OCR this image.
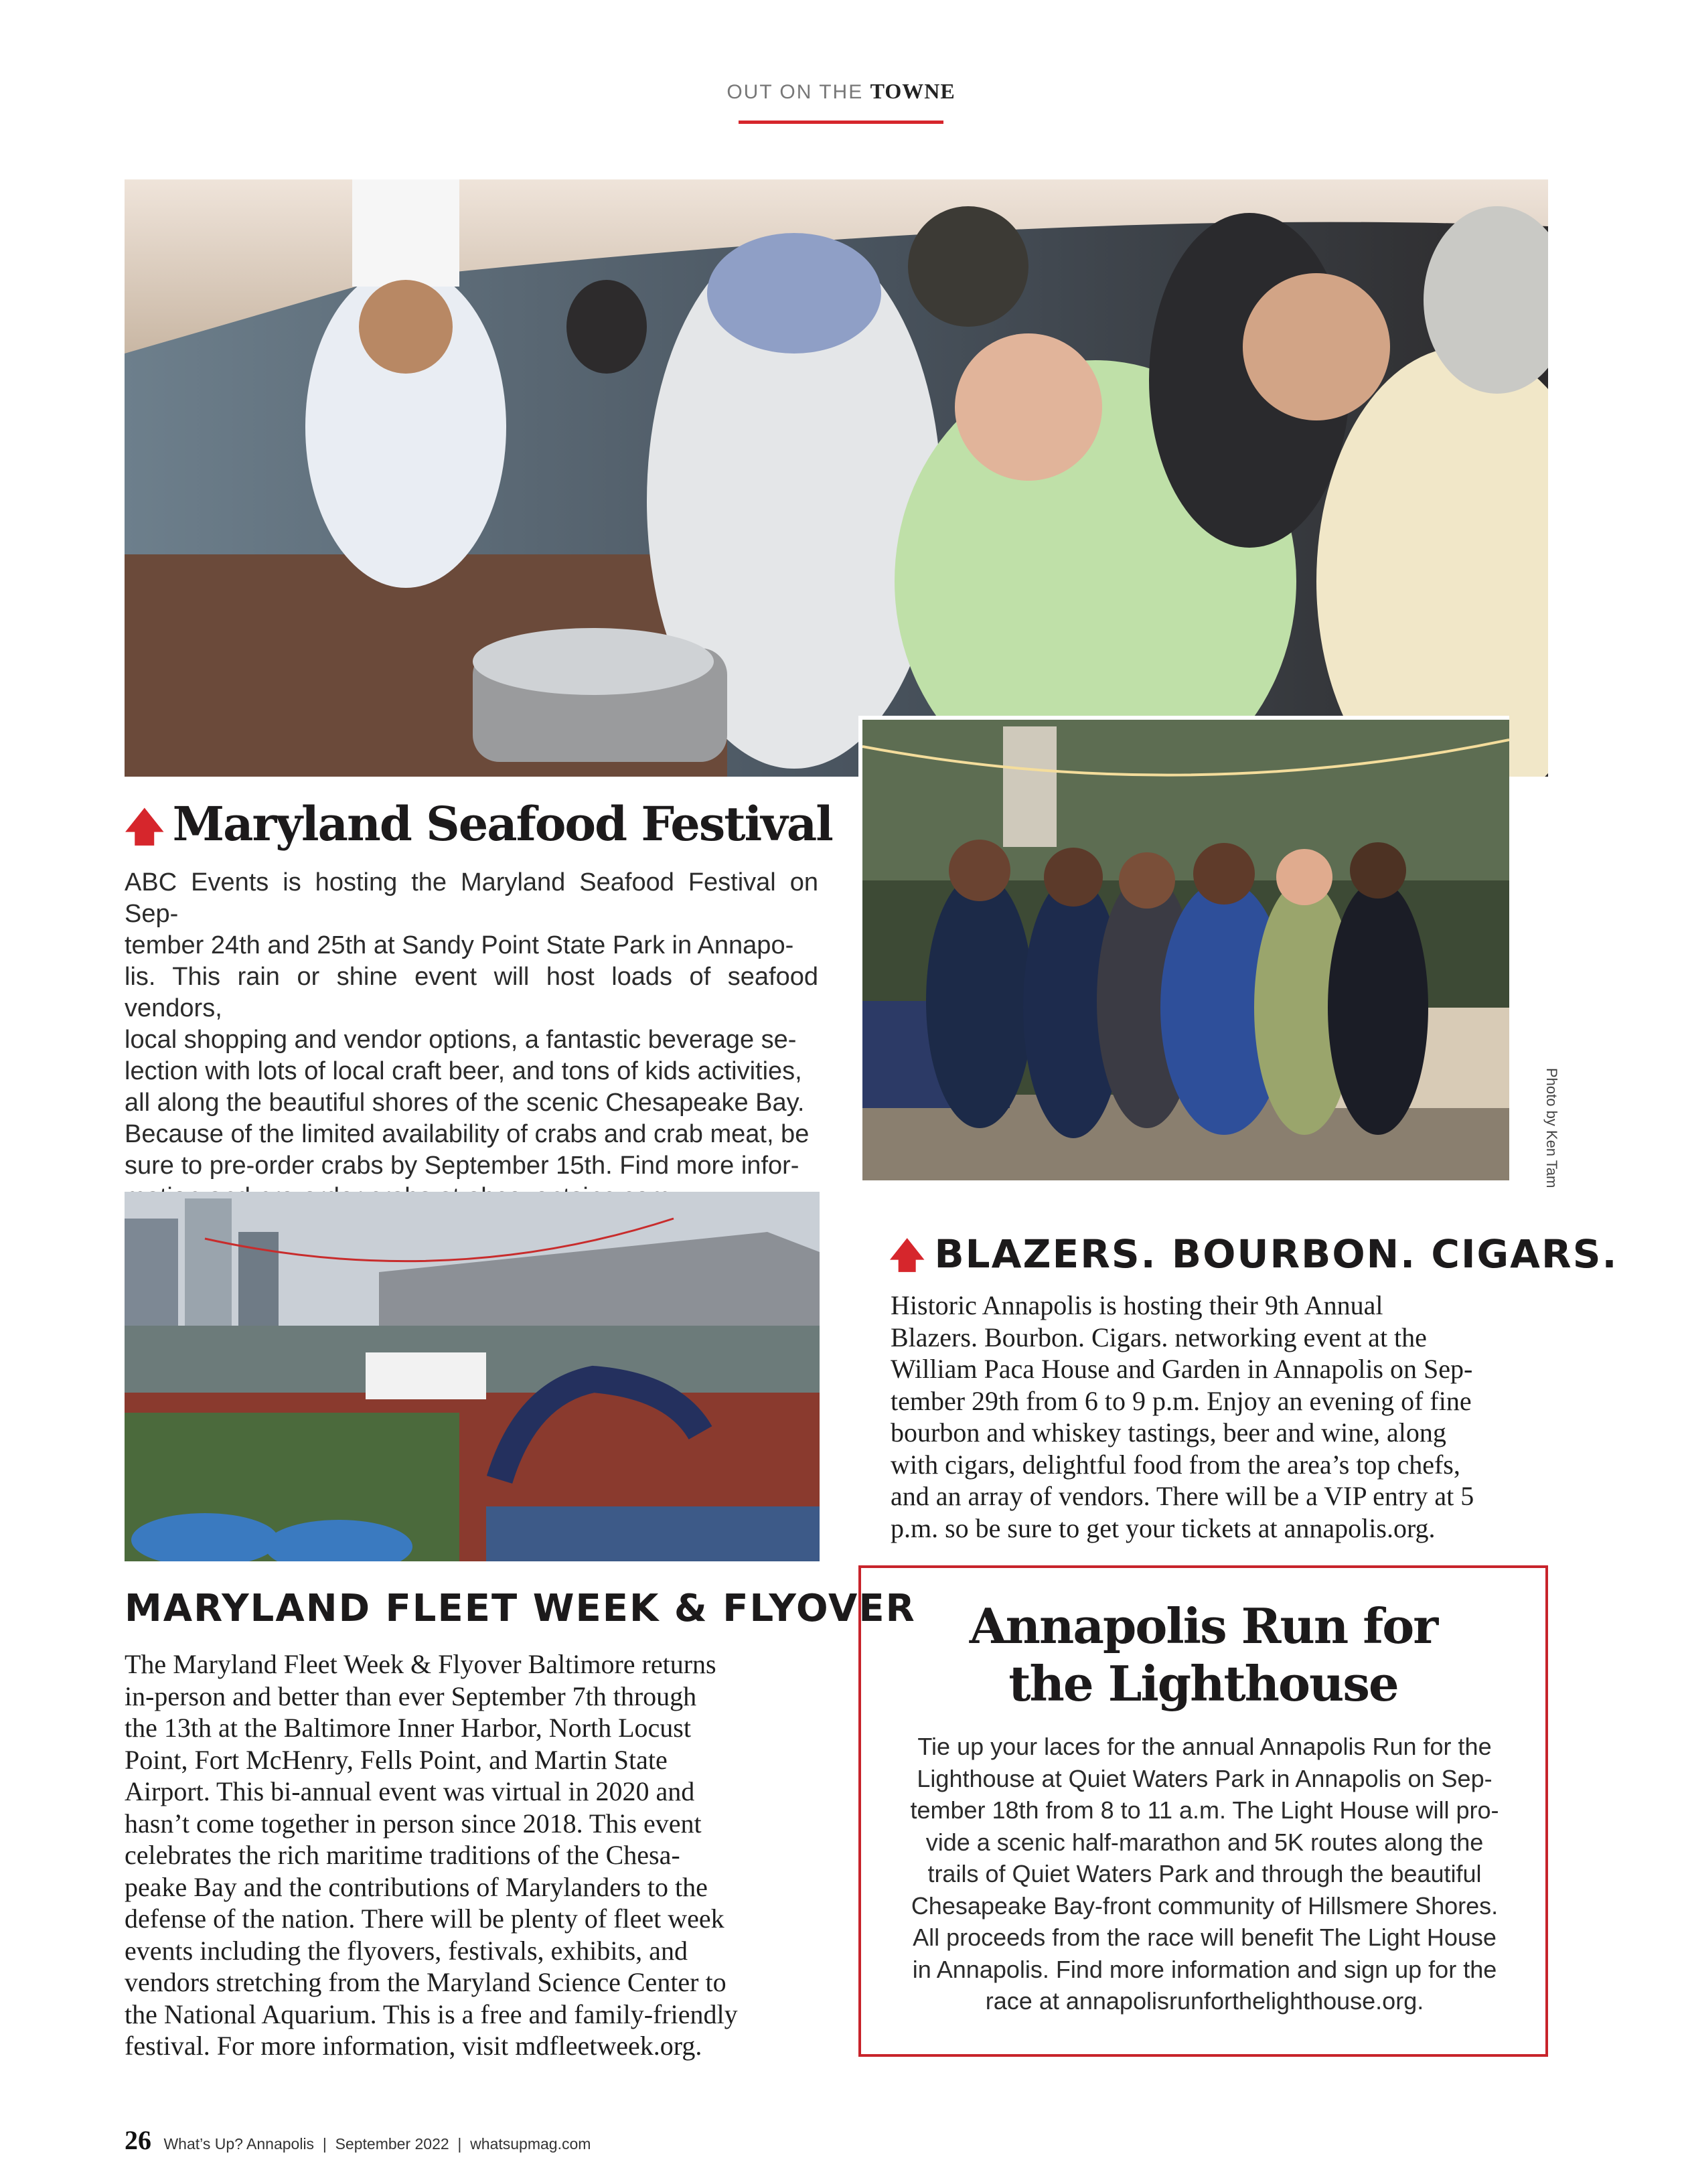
OUT ON THE TOWNE
🡅 Maryland Seafood Festival
ABC Events is hosting the Maryland Seafood Festival on Sep-
tember 24th and 25th at Sandy Point State Park in Annapo-
lis. This rain or shine event will host loads of seafood vendors,
local shopping and vendor options, a fantastic beverage se-
lection with lots of local craft beer, and tons of kids activities,
all along the beautiful shores of the scenic Chesapeake Bay.
Because of the limited availability of crabs and crab meat, be
sure to pre-order crabs by September 15th. Find more infor-	Photo by Ken Tam
MARYLAND FLEET WEEK & FLYOVER
The Maryland Fleet Week & Flyover Baltimore returns
in-person and better than ever September 7th through
the 13th at the Baltimore Inner Harbor, North Locust
Point, Fort McHenry, Fells Point, and Martin State
Airport. This bi-annual event was virtual in 2020 and
hasn’t come together in person since 2018. This event
celebrates the rich maritime traditions of the Chesa-
peake Bay and the contributions of Marylanders to the
defense of the nation. There will be plenty of fleet week
events including the flyovers, festivals, exhibits, and
vendors stretching from the Maryland Science Center to
the National Aquarium. This is a free and family-friendly
festival. For more information, visit mdfleetweek.org.
🡅 BLAZERS. BOURBON. CIGARS.
Historic Annapolis is hosting their 9th Annual
Blazers. Bourbon. Cigars. networking event at the
William Paca House and Garden in Annapolis on Sep-
tember 29th from 6 to 9 p.m. Enjoy an evening of fine
bourbon and whiskey tastings, beer and wine, along
with cigars, delightful food from the area’s top chefs,
and an array of vendors. There will be a VIP entry at 5
p.m. so be sure to get your tickets at annapolis.org.
Annapolis Run for
the Lighthouse
Tie up your laces for the annual Annapolis Run for the
Lighthouse at Quiet Waters Park in Annapolis on Sep-
tember 18th from 8 to 11 a.m. The Light House will pro-
vide a scenic half-marathon and 5K routes along the
trails of Quiet Waters Park and through the beautiful
Chesapeake Bay-front community of Hillsmere Shores.
All proceeds from the race will benefit The Light House
in Annapolis. Find more information and sign up for the
race at annapolisrunforthelighthouse.org.
26 What’s Up? Annapolis  |  September 2022  |  whatsupmag.com
